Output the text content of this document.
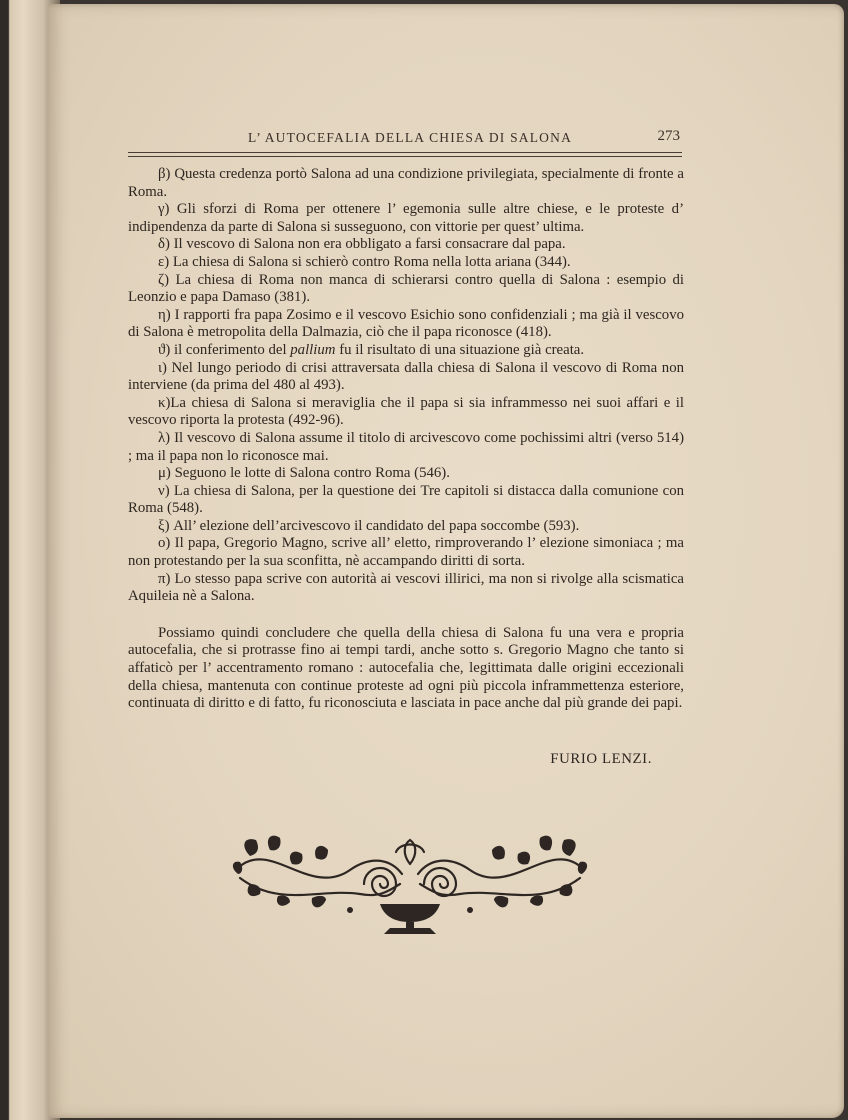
L’ AUTOCEFALIA DELLA CHIESA DI SALONA	273

β) Questa credenza portò Salona ad una condizione privilegiata, specialmente di fronte a Roma.

γ) Gli sforzi di Roma per ottenere l’ egemonia sulle altre chiese, e le proteste d’ indipendenza da parte di Salona si susseguono, con vittorie per quest’ ultima.

δ) Il vescovo di Salona non era obbligato a farsi consacrare dal papa.

ε) La chiesa di Salona si schierò contro Roma nella lotta ariana (344).

ζ) La chiesa di Roma non manca di schierarsi contro quella di Salona : esempio di Leonzio e papa Damaso (381).

η) I rapporti fra papa Zosimo e il vescovo Esichio sono confidenziali ; ma già il vescovo di Salona è metropolita della Dalmazia, ciò che il papa riconosce (418).

ϑ) il conferimento del pallium fu il risultato di una situazione già creata.

ι) Nel lungo periodo di crisi attraversata dalla chiesa di Salona il vescovo di Roma non interviene (da prima del 480 al 493).

κ)La chiesa di Salona si meraviglia che il papa si sia inframmesso nei suoi affari e il vescovo riporta la protesta (492-96).

λ) Il vescovo di Salona assume il titolo di arcivescovo come pochissimi altri (verso 514) ; ma il papa non lo riconosce mai.

μ) Seguono le lotte di Salona contro Roma (546).

ν) La chiesa di Salona, per la questione dei Tre capitoli si distacca dalla comunione con Roma (548).

ξ) All’ elezione dell’arcivescovo il candidato del papa soccombe (593).

ο) Il papa, Gregorio Magno, scrive all’ eletto, rimproverando l’ elezione simoniaca ; ma non protestando per la sua sconfitta, nè accampando diritti di sorta.

π) Lo stesso papa scrive con autorità ai vescovi illirici, ma non si rivolge alla scismatica Aquileia nè a Salona.

Possiamo quindi concludere che quella della chiesa di Salona fu una vera e propria autocefalia, che si protrasse fino ai tempi tardi, anche sotto s. Gregorio Magno che tanto si affaticò per l’ accentramento romano : autocefalia che, legittimata dalle origini eccezionali della chiesa, mantenuta con continue proteste ad ogni più piccola inframmettenza esteriore, continuata di diritto e di fatto, fu riconosciuta e lasciata in pace anche dal più grande dei papi.

FURIO LENZI.
